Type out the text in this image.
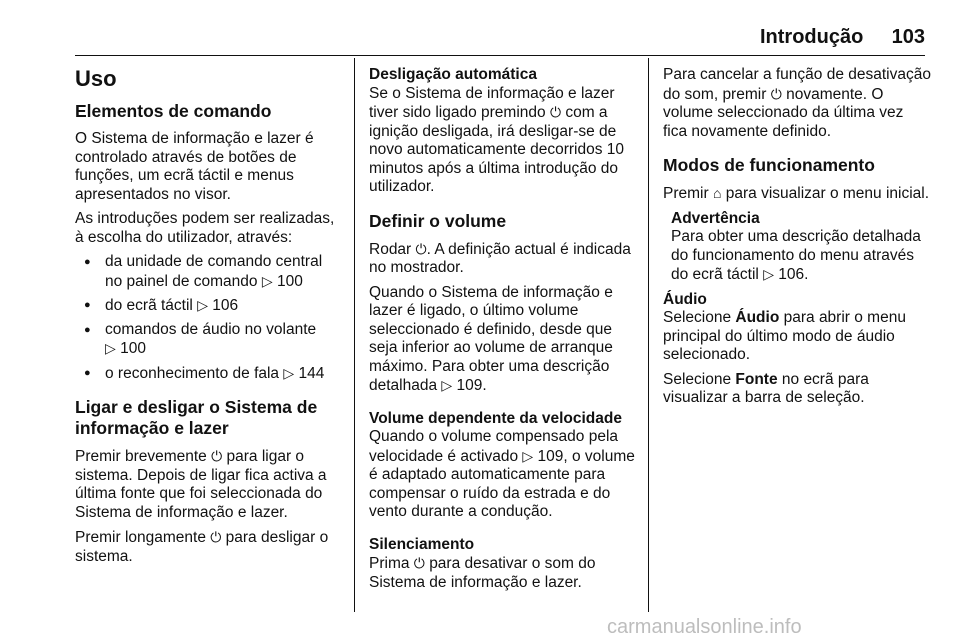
Introdução 103
Uso
Elementos de comando

O Sistema de informação e lazer é controlado através de botões de funções, um ecrã táctil e menus apresentados no visor.

As introduções podem ser realizadas, à escolha do utilizador, através:

● da unidade de comando central no painel de comando ▷ 100
● do ecrã táctil ▷ 106
● comandos de áudio no volante
▷ 100
● o reconhecimento de fala ▷ 144
Ligar e desligar o Sistema de informação e lazer

Premir brevemente ⏻ para ligar o sistema. Depois de ligar fica activa a última fonte que foi seleccionada do Sistema de informação e lazer.

Premir longamente ⏻ para desligar o sistema.

Desligação automática

Se o Sistema de informação e lazer tiver sido ligado premindo ⏻ com a ignição desligada, irá desligar-se de novo automaticamente decorridos 10 minutos após a última introdução do utilizador.

Definir o volume

Rodar ⏻. A definição actual é indicada no mostrador.

Quando o Sistema de informação e lazer é ligado, o último volume seleccionado é definido, desde que seja inferior ao volume de arranque máximo. Para obter uma descrição detalhada ▷ 109.

Volume dependente da velocidade

Quando o volume compensado pela velocidade é activado ▷ 109, o volume é adaptado automaticamente para compensar o ruído da estrada e do vento durante a condução.

Silenciamento

Prima ⏻ para desativar o som do Sistema de informação e lazer.

Para cancelar a função de desativação do som, premir ⏻ novamente. O volume seleccionado da última vez fica novamente definido.

Modos de funcionamento

Premir ⌂ para visualizar o menu inicial.

Advertência

Para obter uma descrição detalhada do funcionamento do menu através do ecrã táctil ▷ 106.

Áudio

Selecione Áudio para abrir o menu principal do último modo de áudio selecionado.

Selecione Fonte no ecrã para visualizar a barra de seleção.

carmanualsonline.info
